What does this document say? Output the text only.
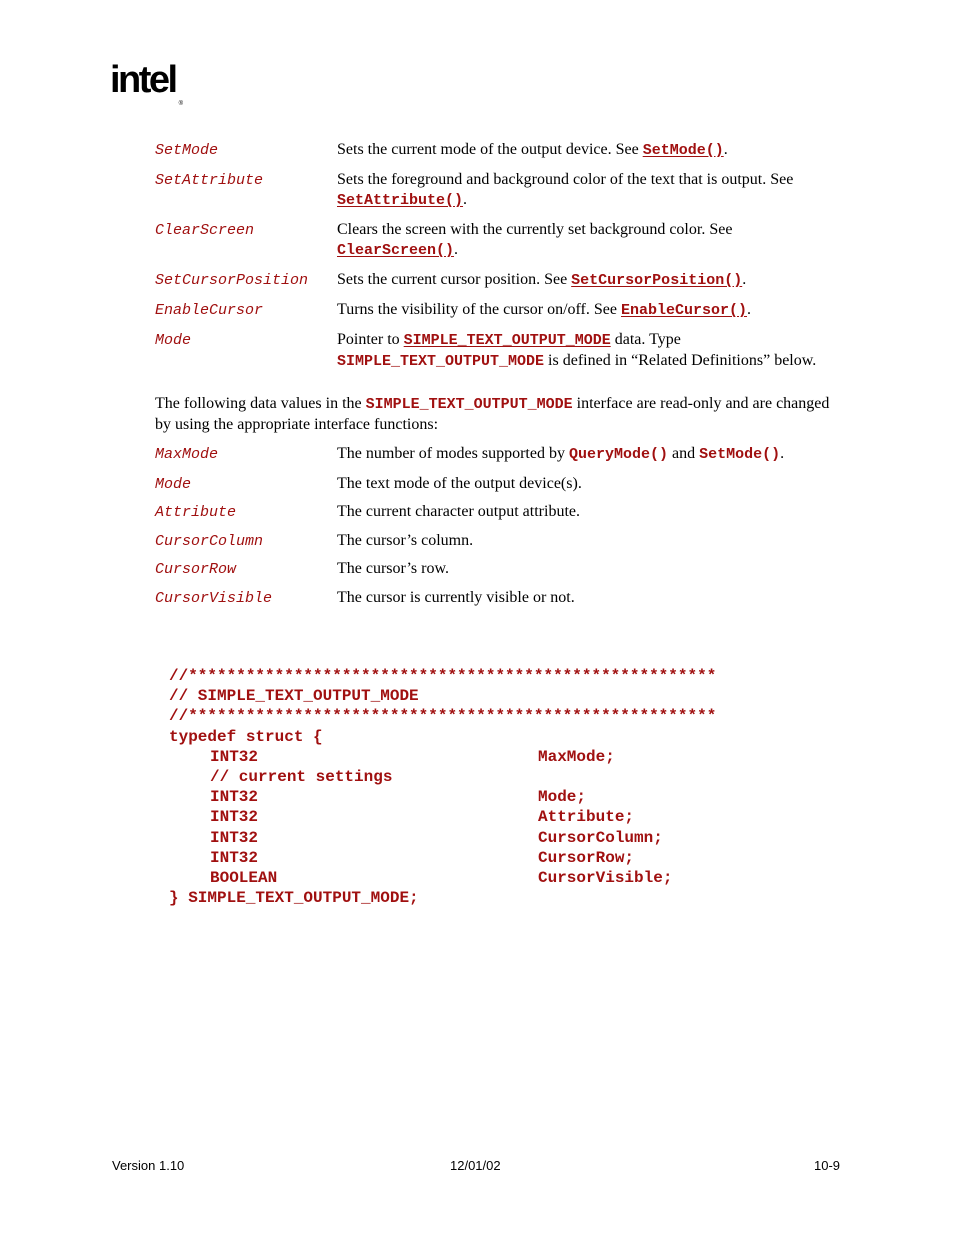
intel®
SetMode	Sets the current mode of the output device. See SetMode().
SetAttribute	Sets the foreground and background color of the text that is output. See SetAttribute().
ClearScreen	Clears the screen with the currently set background color. See ClearScreen().
SetCursorPosition Sets the current cursor position. See SetCursorPosition().
EnableCursor	Turns the visibility of the cursor on/off. See EnableCursor().
Mode	Pointer to SIMPLE_TEXT_OUTPUT_MODE data. Type SIMPLE_TEXT_OUTPUT_MODE is defined in “Related Definitions” below.
The following data values in the SIMPLE_TEXT_OUTPUT_MODE interface are read-only and are changed by using the appropriate interface functions:
MaxMode	The number of modes supported by QueryMode() and SetMode().
Mode	The text mode of the output device(s).
Attribute	The current character output attribute.
CursorColumn	The cursor’s column.
CursorRow	The cursor’s row.
CursorVisible	The cursor is currently visible or not.
//*******************************************************
// SIMPLE_TEXT_OUTPUT_MODE
//*******************************************************
typedef struct {
INT32	MaxMode;
// current settings
INT32	Mode;
INT32	Attribute;
INT32	CursorColumn;
INT32	CursorRow;
BOOLEAN	CursorVisible;
} SIMPLE_TEXT_OUTPUT_MODE;
Version 1.10	12/01/02	10-9
